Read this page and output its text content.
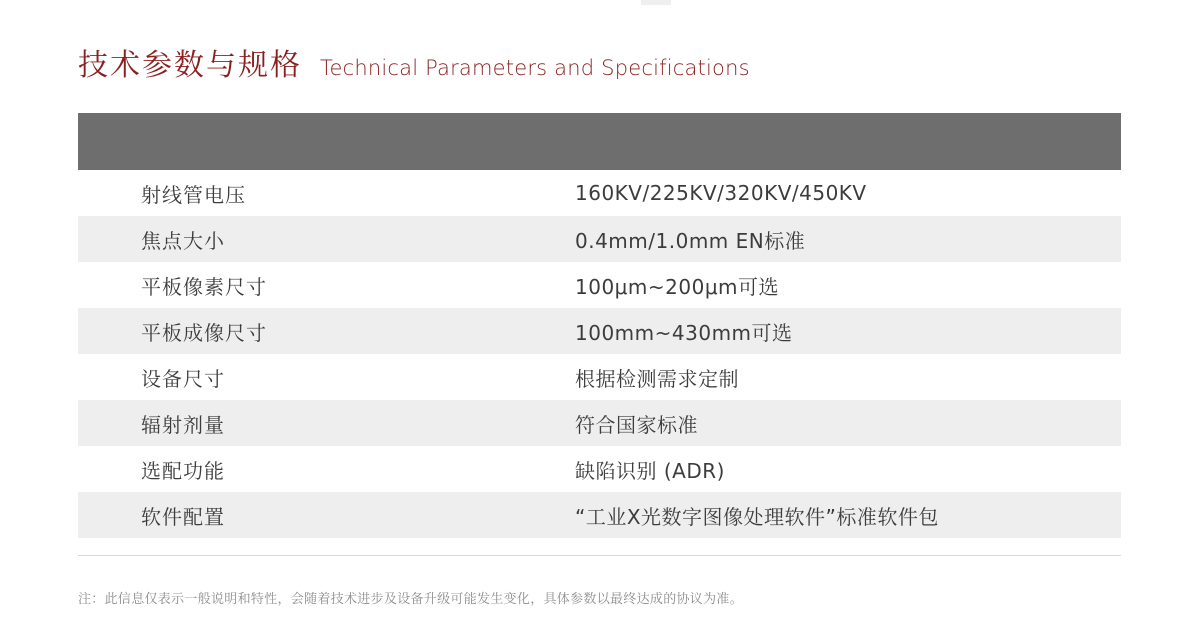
技术参数与规格 Technical Parameters and Specifications
射线管电压	160KV/225KV/320KV/450KV
焦点大小	0.4mm/1.0mm EN标准
平板像素尺寸	100μm~200μm可选
平板成像尺寸	100mm~430mm可选
设备尺寸	根据检测需求定制
辐射剂量	符合国家标准
选配功能	缺陷识别 (ADR)
软件配置	“工业X光数字图像处理软件”标准软件包
注：此信息仅表示一般说明和特性，会随着技术进步及设备升级可能发生变化，具体参数以最终达成的协议为准。
